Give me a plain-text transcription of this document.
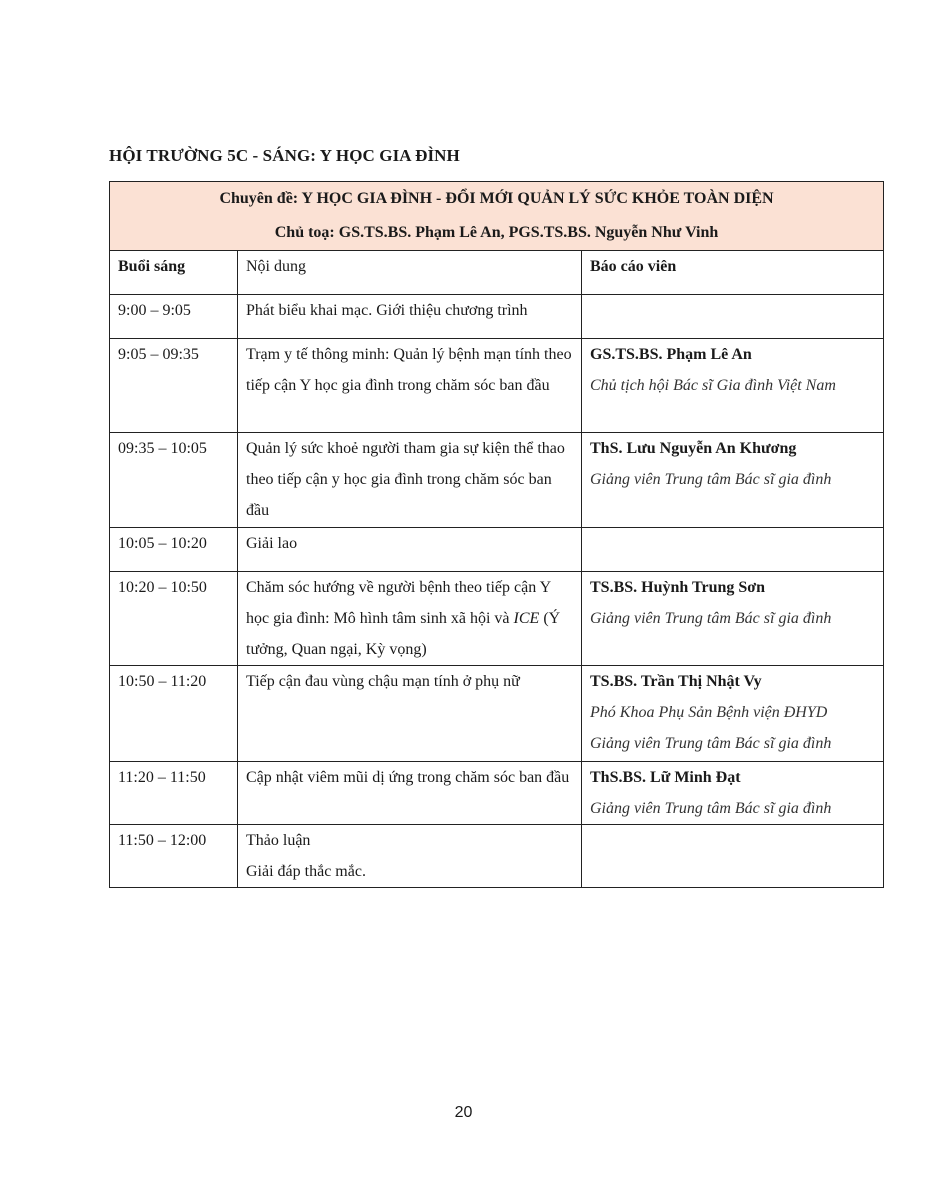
HỘI TRƯỜNG 5C - SÁNG: Y HỌC GIA ĐÌNH
Chuyên đề: Y HỌC GIA ĐÌNH - ĐỔI MỚI QUẢN LÝ SỨC KHỎE TOÀN DIỆN
Chủ toạ: GS.TS.BS. Phạm Lê An, PGS.TS.BS. Nguyễn Như Vinh		

Buổi sáng	Nội dung	Báo cáo viên
9:00 – 9:05	Phát biểu khai mạc. Giới thiệu chương trình	
9:05 – 09:35	Trạm y tế thông minh: Quản lý bệnh mạn tính theo tiếp cận Y học gia đình trong chăm sóc ban đầu	GS.TS.BS. Phạm Lê An
Chủ tịch hội Bác sĩ Gia đình Việt Nam

09:35 – 10:05	Quản lý sức khoẻ người tham gia sự kiện thể thao theo tiếp cận y học gia đình trong chăm sóc ban đầu	ThS. Lưu Nguyễn An Khương
Giảng viên Trung tâm Bác sĩ gia đình

10:05 – 10:20	Giải lao	
10:20 – 10:50	Chăm sóc hướng về người bệnh theo tiếp cận Y học gia đình: Mô hình tâm sinh xã hội và ICE (Ý tưởng, Quan ngại, Kỳ vọng)	TS.BS. Huỳnh Trung Sơn
Giảng viên Trung tâm Bác sĩ gia đình

10:50 – 11:20	Tiếp cận đau vùng chậu mạn tính ở phụ nữ	TS.BS. Trần Thị Nhật Vy
Phó Khoa Phụ Sản Bệnh viện ĐHYD
Giảng viên Trung tâm Bác sĩ gia đình

11:20 – 11:50	Cập nhật viêm mũi dị ứng trong chăm sóc ban đầu	ThS.BS. Lữ Minh Đạt
Giảng viên Trung tâm Bác sĩ gia đình

11:50 – 12:00	Thảo luận
Giải đáp thắc mắc.	

20
